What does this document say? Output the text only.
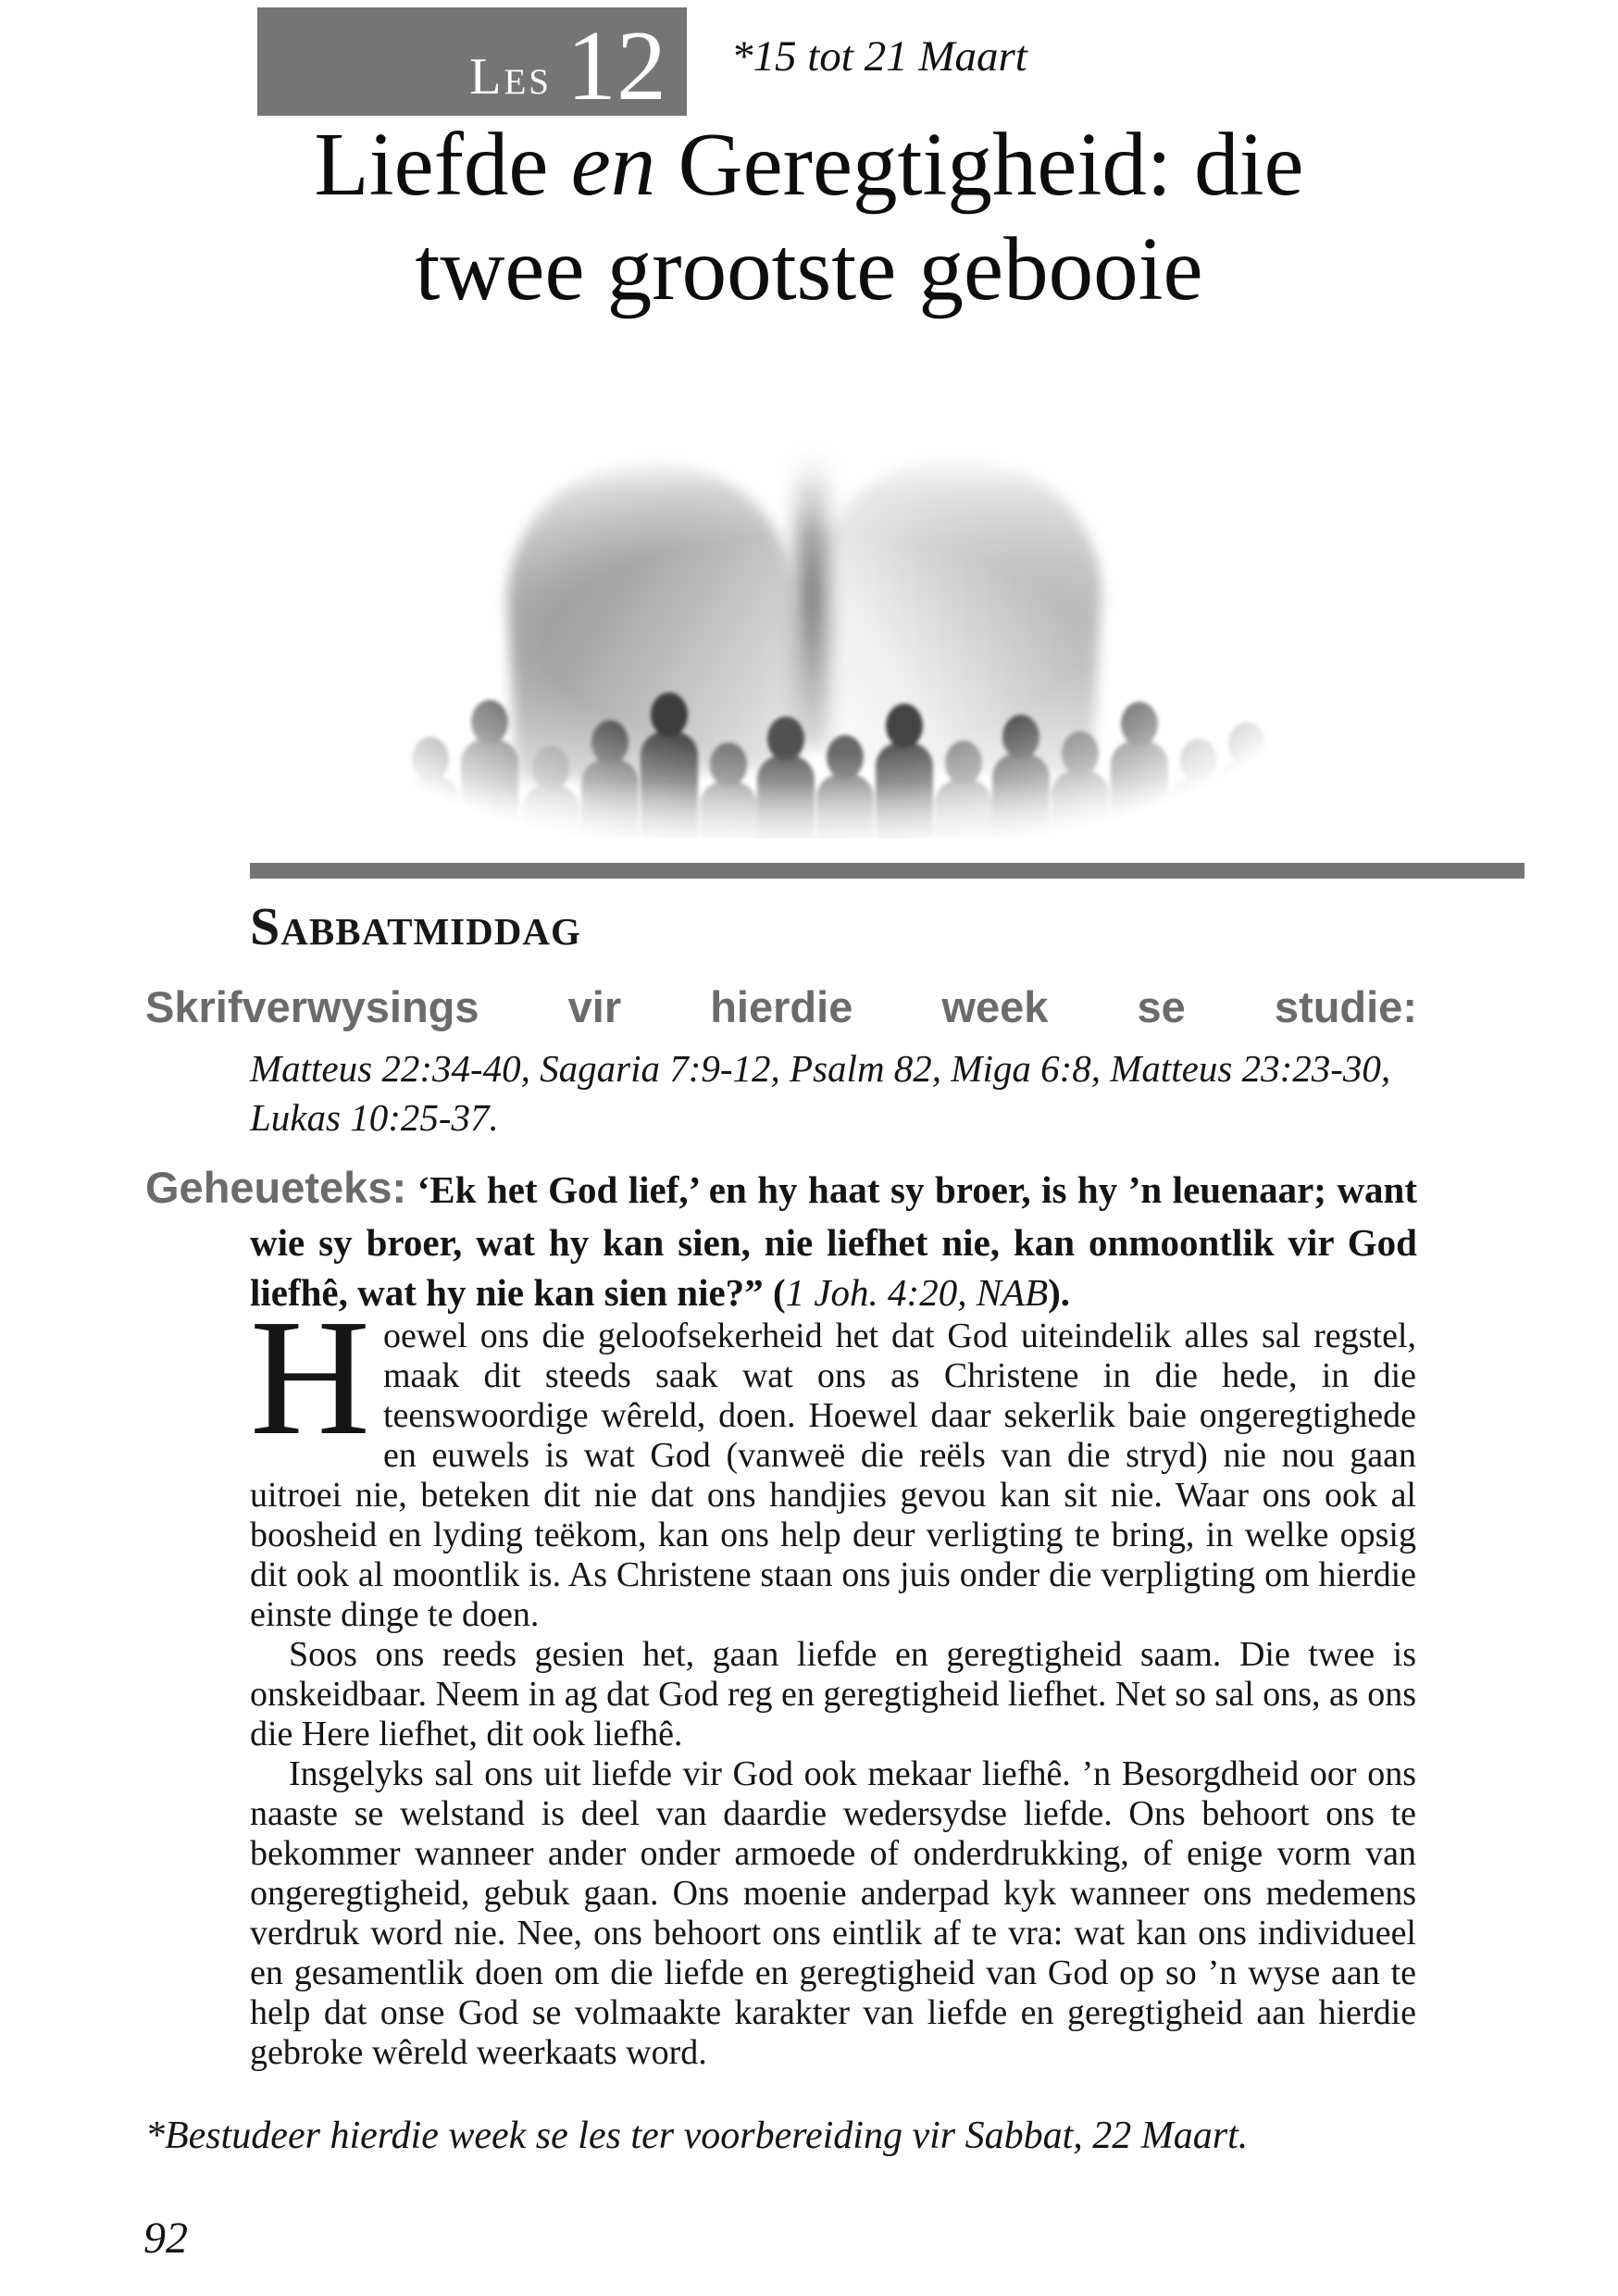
Les 12 *15 tot 21 Maart
Liefde en Geregtigheid: die
twee grootste gebooie
Sabbatmiddag
Skrifverwysings vir hierdie week se studie:

Matteus 22:34-40, Sagaria 7:9-12, Psalm 82, Miga 6:8, Matteus 23:23-30, Lukas 10:25-37.

Geheueteks: ‘Ek het God lief,’ en hy haat sy broer, is hy ’n leuenaar; want wie sy broer, wat hy kan sien, nie liefhet nie, kan onmoontlik vir God liefhê, wat hy nie kan sien nie?” (1 Joh. 4:20, NAB).

Hoewel ons die geloofsekerheid het dat God uiteindelik alles sal regstel, maak dit steeds saak wat ons as Christene in die hede, in die teenswoordige wêreld, doen. Hoewel daar sekerlik baie ongeregtighede en euwels is wat God (vanweë die reëls van die stryd) nie nou gaan uitroei nie, beteken dit nie dat ons handjies gevou kan sit nie. Waar ons ook al boosheid en lyding teëkom, kan ons help deur verligting te bring, in welke opsig dit ook al moontlik is. As Christene staan ons juis onder die verpligting om hierdie einste dinge te doen.

Soos ons reeds gesien het, gaan liefde en geregtigheid saam. Die twee is onskeidbaar. Neem in ag dat God reg en geregtigheid liefhet. Net so sal ons, as ons die Here liefhet, dit ook liefhê.

Insgelyks sal ons uit liefde vir God ook mekaar liefhê. ’n Besorgdheid oor ons naaste se welstand is deel van daardie wedersydse liefde. Ons behoort ons te bekommer wanneer ander onder armoede of onderdrukking, of enige vorm van ongeregtigheid, gebuk gaan. Ons moenie anderpad kyk wanneer ons medemens verdruk word nie. Nee, ons behoort ons eintlik af te vra: wat kan ons individueel en gesamentlik doen om die liefde en geregtigheid van God op so ’n wyse aan te help dat onse God se volmaakte karakter van liefde en geregtigheid aan hierdie gebroke wêreld weerkaats word.

*Bestudeer hierdie week se les ter voorbereiding vir Sabbat, 22 Maart.

92
